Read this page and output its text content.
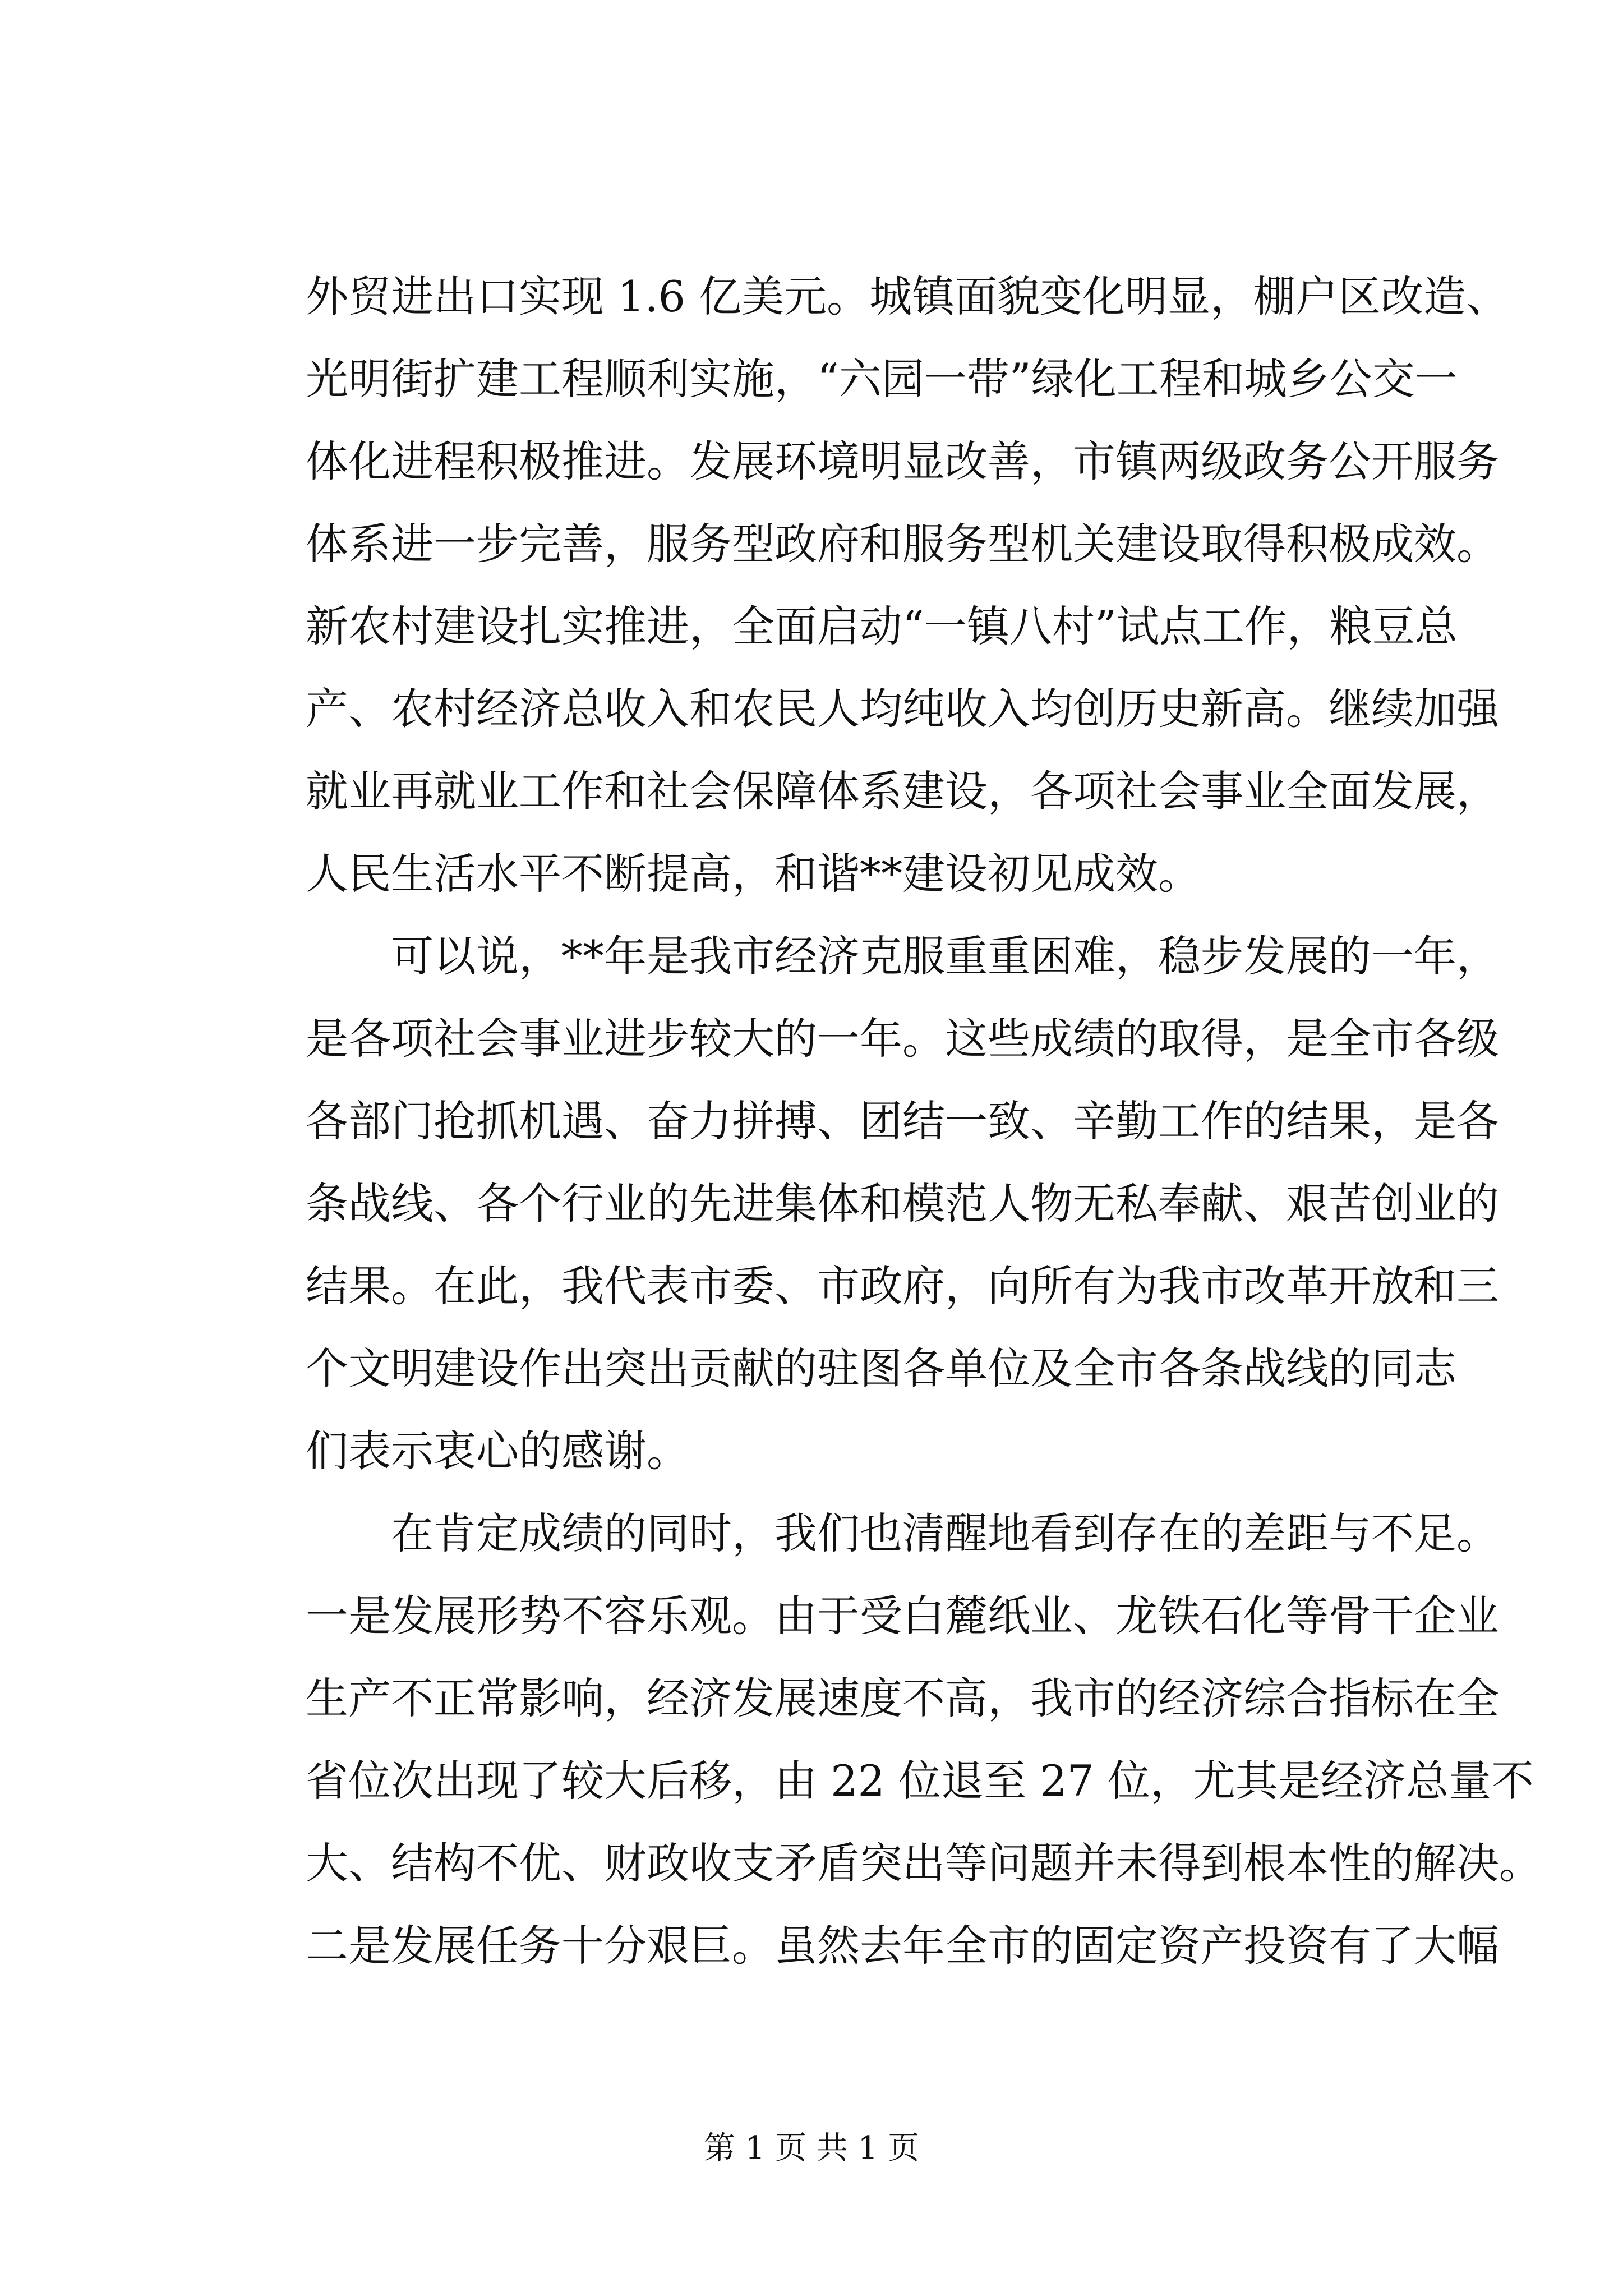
外贸进出口实现 1.6 亿美元。城镇面貌变化明显，棚户区改造、
光明街扩建工程顺利实施，“六园一带”绿化工程和城乡公交一
体化进程积极推进。发展环境明显改善，市镇两级政务公开服务
体系进一步完善，服务型政府和服务型机关建设取得积极成效。
新农村建设扎实推进，全面启动“一镇八村”试点工作，粮豆总
产、农村经济总收入和农民人均纯收入均创历史新高。继续加强
就业再就业工作和社会保障体系建设，各项社会事业全面发展，
人民生活水平不断提高，和谐**建设初见成效。
　　可以说，**年是我市经济克服重重困难，稳步发展的一年，
是各项社会事业进步较大的一年。这些成绩的取得，是全市各级
各部门抢抓机遇、奋力拼搏、团结一致、辛勤工作的结果，是各
条战线、各个行业的先进集体和模范人物无私奉献、艰苦创业的
结果。在此，我代表市委、市政府，向所有为我市改革开放和三
个文明建设作出突出贡献的驻图各单位及全市各条战线的同志
们表示衷心的感谢。
　　在肯定成绩的同时，我们也清醒地看到存在的差距与不足。
一是发展形势不容乐观。由于受白麓纸业、龙铁石化等骨干企业
生产不正常影响，经济发展速度不高，我市的经济综合指标在全
省位次出现了较大后移，由 22 位退至 27 位，尤其是经济总量不
大、结构不优、财政收支矛盾突出等问题并未得到根本性的解决。
二是发展任务十分艰巨。虽然去年全市的固定资产投资有了大幅
第 1 页 共 1 页
